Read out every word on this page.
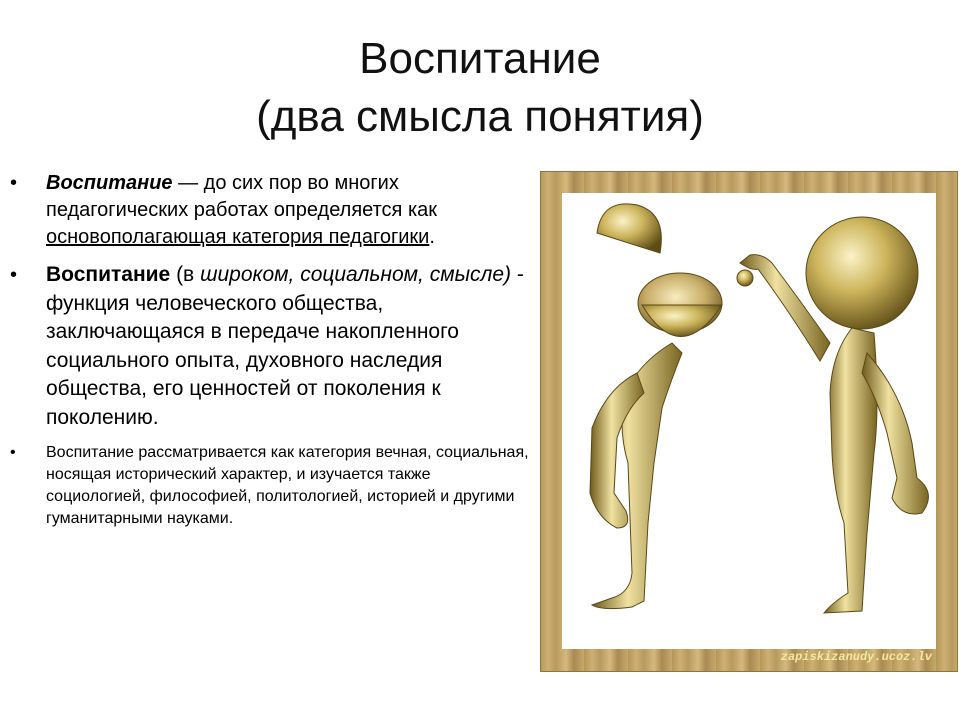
Воспитание
(два смысла понятия)
• Воспитание — до сих пор во многих педагогических работах определяется как основополагающая категория педагогики.
• Воспитание (в широком, социальном, смысле) - функция человеческого общества, заключающаяся в передаче накопленного социального опыта, духовного наследия общества, его ценностей от поколения к поколению.
• Воспитание рассматривается как категория вечная, социальная, носящая исторический характер, и изучается также социологией, философией, политологией, историей и другими гуманитарными науками.
zapiskizanudy.ucoz.lv
